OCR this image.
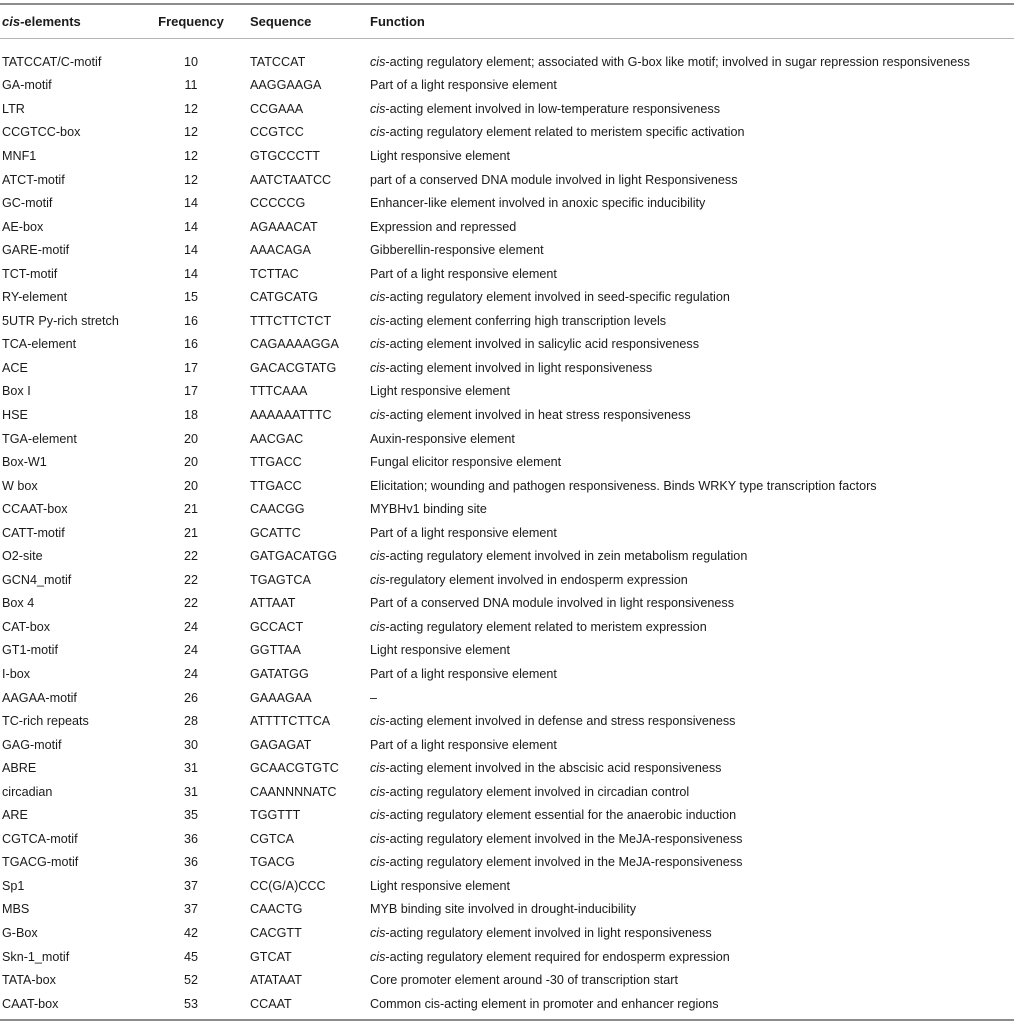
cis-elements	Frequency	Sequence	Function
TATCCAT/C-motif	10	TATCCAT	cis-acting regulatory element; associated with G-box like motif; involved in sugar repression responsiveness
GA-motif	11	AAGGAAGA	Part of a light responsive element
LTR	12	CCGAAA	cis-acting element involved in low-temperature responsiveness
CCGTCC-box	12	CCGTCC	cis-acting regulatory element related to meristem specific activation
MNF1	12	GTGCCCTT	Light responsive element
ATCT-motif	12	AATCTAATCC	part of a conserved DNA module involved in light Responsiveness
GC-motif	14	CCCCCG	Enhancer-like element involved in anoxic specific inducibility
AE-box	14	AGAAACAT	Expression and repressed
GARE-motif	14	AAACAGA	Gibberellin-responsive element
TCT-motif	14	TCTTAC	Part of a light responsive element
RY-element	15	CATGCATG	cis-acting regulatory element involved in seed-specific regulation
5UTR Py-rich stretch	16	TTTCTTCTCT	cis-acting element conferring high transcription levels
TCA-element	16	CAGAAAAGGA	cis-acting element involved in salicylic acid responsiveness
ACE	17	GACACGTATG	cis-acting element involved in light responsiveness
Box I	17	TTTCAAA	Light responsive element
HSE	18	AAAAAATTTC	cis-acting element involved in heat stress responsiveness
TGA-element	20	AACGAC	Auxin-responsive element
Box-W1	20	TTGACC	Fungal elicitor responsive element
W box	20	TTGACC	Elicitation; wounding and pathogen responsiveness. Binds WRKY type transcription factors
CCAAT-box	21	CAACGG	MYBHv1 binding site
CATT-motif	21	GCATTC	Part of a light responsive element
O2-site	22	GATGACATGG	cis-acting regulatory element involved in zein metabolism regulation
GCN4_motif	22	TGAGTCA	cis-regulatory element involved in endosperm expression
Box 4	22	ATTAAT	Part of a conserved DNA module involved in light responsiveness
CAT-box	24	GCCACT	cis-acting regulatory element related to meristem expression
GT1-motif	24	GGTTAA	Light responsive element
I-box	24	GATATGG	Part of a light responsive element
AAGAA-motif	26	GAAAGAA	–
TC-rich repeats	28	ATTTTCTTCA	cis-acting element involved in defense and stress responsiveness
GAG-motif	30	GAGAGAT	Part of a light responsive element
ABRE	31	GCAACGTGTC	cis-acting element involved in the abscisic acid responsiveness
circadian	31	CAANNNNATC	cis-acting regulatory element involved in circadian control
ARE	35	TGGTTT	cis-acting regulatory element essential for the anaerobic induction
CGTCA-motif	36	CGTCA	cis-acting regulatory element involved in the MeJA-responsiveness
TGACG-motif	36	TGACG	cis-acting regulatory element involved in the MeJA-responsiveness
Sp1	37	CC(G/A)CCC	Light responsive element
MBS	37	CAACTG	MYB binding site involved in drought-inducibility
G-Box	42	CACGTT	cis-acting regulatory element involved in light responsiveness
Skn-1_motif	45	GTCAT	cis-acting regulatory element required for endosperm expression
TATA-box	52	ATATAAT	Core promoter element around -30 of transcription start
CAAT-box	53	CCAAT	Common cis-acting element in promoter and enhancer regions
